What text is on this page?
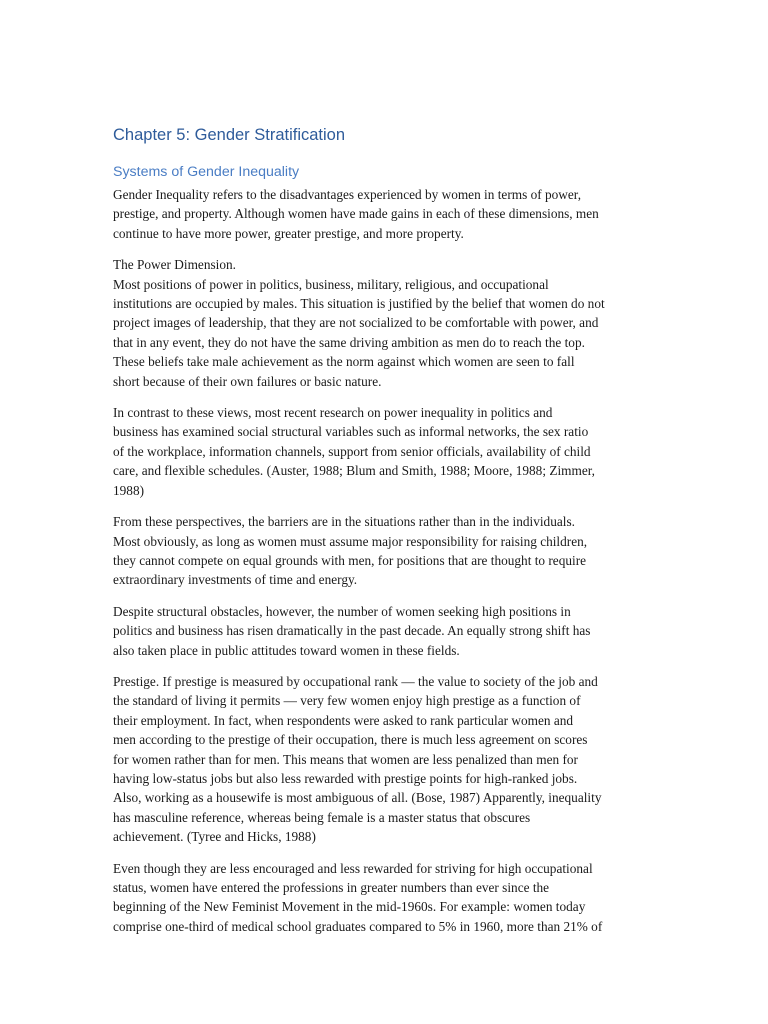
Chapter 5: Gender Stratification
Systems of Gender Inequality

Gender Inequality refers to the disadvantages experienced by women in terms of power,
prestige, and property. Although women have made gains in each of these dimensions, men
continue to have more power, greater prestige, and more property.

The Power Dimension.
Most positions of power in politics, business, military, religious, and occupational
institutions are occupied by males. This situation is justified by the belief that women do not
project images of leadership, that they are not socialized to be comfortable with power, and
that in any event, they do not have the same driving ambition as men do to reach the top.
These beliefs take male achievement as the norm against which women are seen to fall
short because of their own failures or basic nature.

In contrast to these views, most recent research on power inequality in politics and
business has examined social structural variables such as informal networks, the sex ratio
of the workplace, information channels, support from senior officials, availability of child
care, and flexible schedules. (Auster, 1988; Blum and Smith, 1988; Moore, 1988; Zimmer,
1988)

From these perspectives, the barriers are in the situations rather than in the individuals.
Most obviously, as long as women must assume major responsibility for raising children,
they cannot compete on equal grounds with men, for positions that are thought to require
extraordinary investments of time and energy.

Despite structural obstacles, however, the number of women seeking high positions in
politics and business has risen dramatically in the past decade. An equally strong shift has
also taken place in public attitudes toward women in these fields.

Prestige. If prestige is measured by occupational rank — the value to society of the job and
the standard of living it permits — very few women enjoy high prestige as a function of
their employment. In fact, when respondents were asked to rank particular women and
men according to the prestige of their occupation, there is much less agreement on scores
for women rather than for men. This means that women are less penalized than men for
having low-status jobs but also less rewarded with prestige points for high-ranked jobs.
Also, working as a housewife is most ambiguous of all. (Bose, 1987) Apparently, inequality
has masculine reference, whereas being female is a master status that obscures
achievement. (Tyree and Hicks, 1988)

Even though they are less encouraged and less rewarded for striving for high occupational
status, women have entered the professions in greater numbers than ever since the
beginning of the New Feminist Movement in the mid-1960s. For example: women today
comprise one-third of medical school graduates compared to 5% in 1960, more than 21% of
